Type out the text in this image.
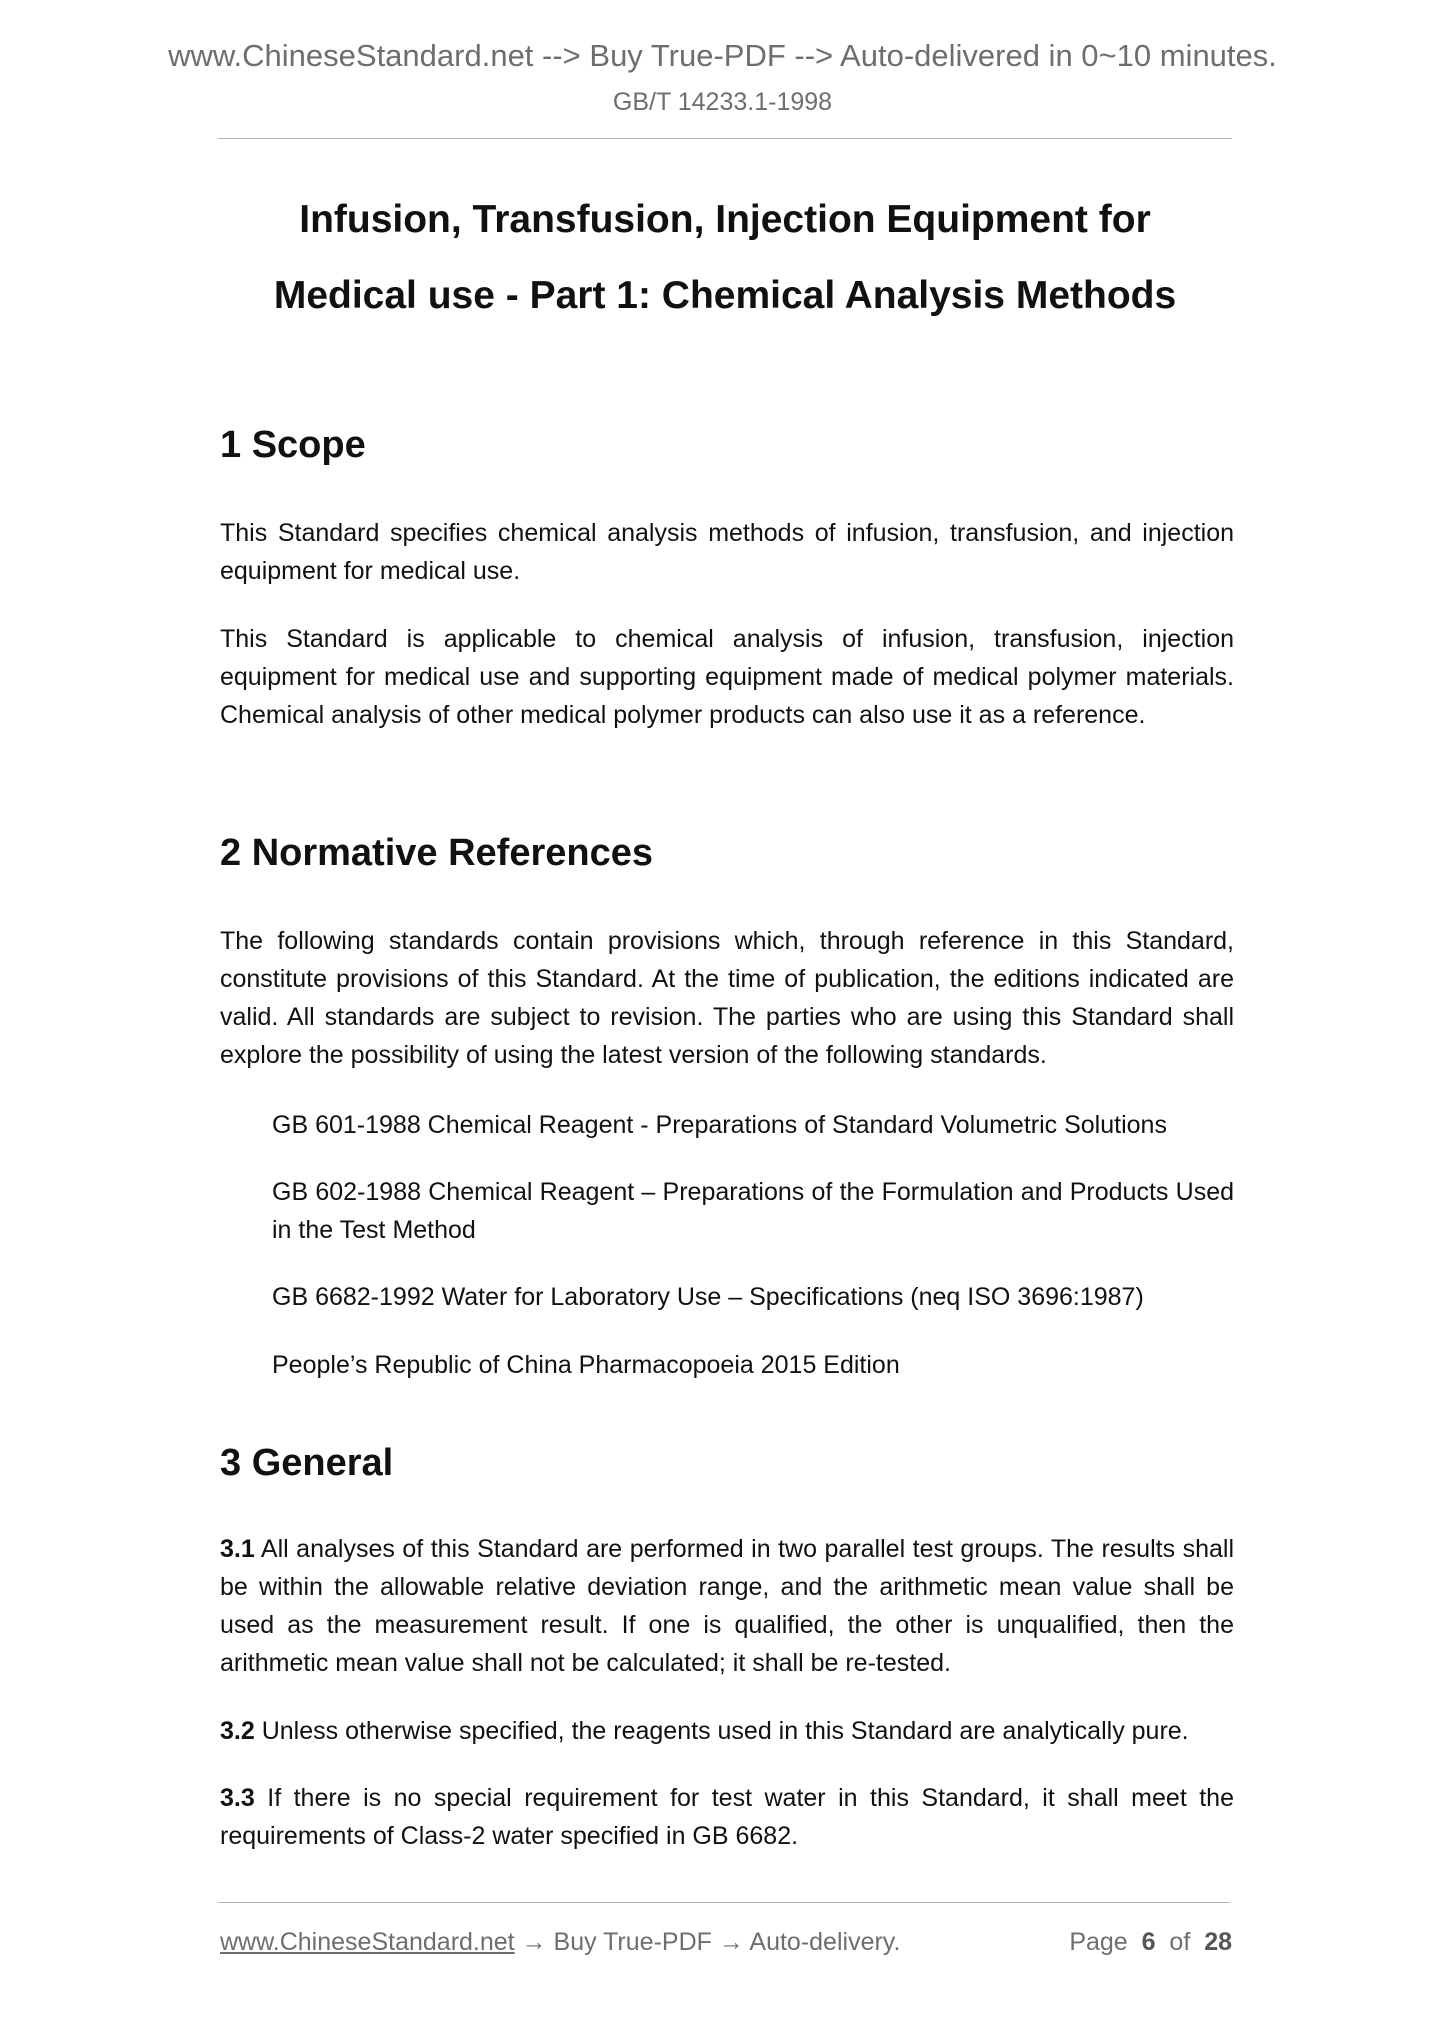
www.ChineseStandard.net --> Buy True-PDF --> Auto-delivered in 0~10 minutes.
GB/T 14233.1-1998
Infusion, Transfusion, Injection Equipment for
Medical use - Part 1: Chemical Analysis Methods
1 Scope
This Standard specifies chemical analysis methods of infusion, transfusion, and injection equipment for medical use.
This Standard is applicable to chemical analysis of infusion, transfusion, injection equipment for medical use and supporting equipment made of medical polymer materials. Chemical analysis of other medical polymer products can also use it as a reference.
2 Normative References
The following standards contain provisions which, through reference in this Standard, constitute provisions of this Standard. At the time of publication, the editions indicated are valid. All standards are subject to revision. The parties who are using this Standard shall explore the possibility of using the latest version of the following standards.
GB 601-1988 Chemical Reagent - Preparations of Standard Volumetric Solutions
GB 602-1988 Chemical Reagent – Preparations of the Formulation and Products Used in the Test Method
GB 6682-1992 Water for Laboratory Use – Specifications (neq ISO 3696:1987)
People’s Republic of China Pharmacopoeia 2015 Edition
3 General
3.1 All analyses of this Standard are performed in two parallel test groups. The results shall be within the allowable relative deviation range, and the arithmetic mean value shall be used as the measurement result. If one is qualified, the other is unqualified, then the arithmetic mean value shall not be calculated; it shall be re-tested.
3.2 Unless otherwise specified, the reagents used in this Standard are analytically pure.
3.3 If there is no special requirement for test water in this Standard, it shall meet the requirements of Class-2 water specified in GB 6682.
www.ChineseStandard.net → Buy True-PDF → Auto-delivery.	Page 6 of 28
